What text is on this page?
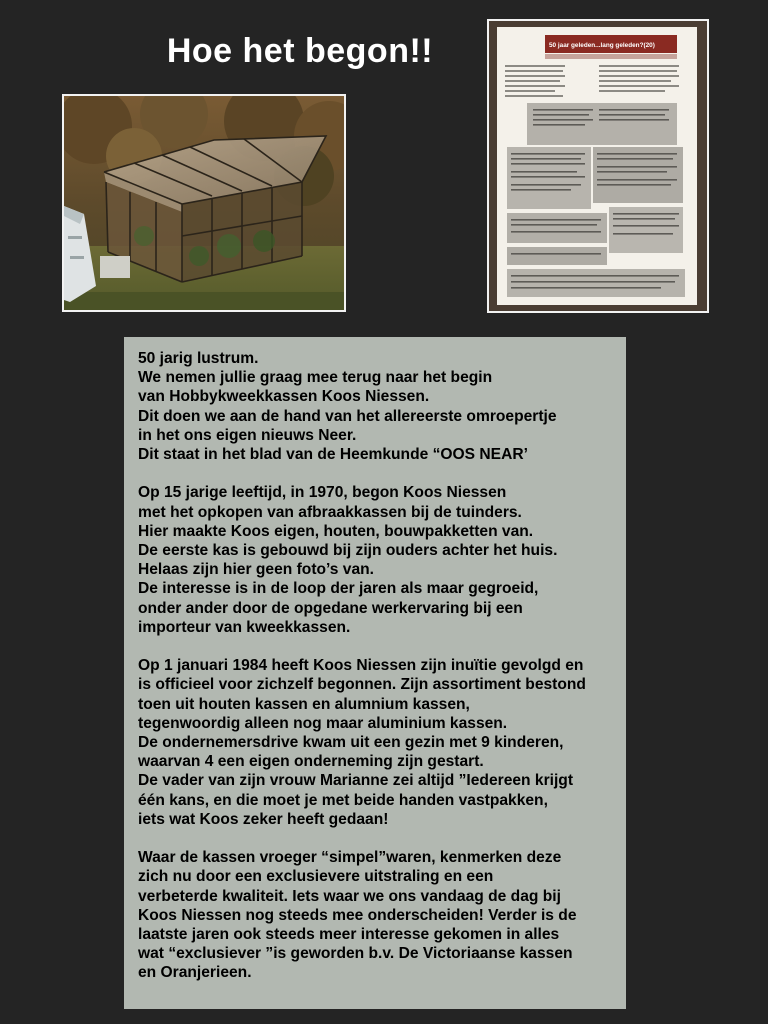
Hoe het begon!!	50 jaar geleden...lang geleden?(20)

50 jarig lustrum.
We nemen jullie graag mee terug naar het begin
van Hobbykweekkassen Koos Niessen.
Dit doen we aan de hand van het allereerste omroepertje
in het ons eigen nieuws Neer.
Dit staat in het blad van de Heemkunde “OOS NEAR’

Op 15 jarige leeftijd, in 1970, begon Koos Niessen
met het opkopen van afbraakkassen bij de tuinders.
Hier maakte Koos eigen, houten, bouwpakketten van.
De eerste kas is gebouwd bij zijn ouders achter het huis.
Helaas zijn hier geen foto’s van.
De interesse is in de loop der jaren als maar gegroeid,
onder ander door de opgedane werkervaring bij een
importeur van kweekkassen.

Op 1 januari 1984 heeft Koos Niessen zijn inuïtie gevolgd en
is officieel voor zichzelf begonnen. Zijn assortiment bestond
toen uit houten kassen en alumnium kassen,
tegenwoordig alleen nog maar aluminium kassen.
De ondernemersdrive kwam uit een gezin met 9 kinderen,
waarvan 4 een eigen onderneming zijn gestart.
De vader van zijn vrouw Marianne zei altijd ”Iedereen krijgt
één kans, en die moet je met beide handen vastpakken,
iets wat Koos zeker heeft gedaan!

Waar de kassen vroeger “simpel”waren, kenmerken deze
zich nu door een exclusievere uitstraling en een
verbeterde kwaliteit. Iets waar we ons vandaag de dag bij
Koos Niessen nog steeds mee onderscheiden! Verder is de
laatste jaren ook steeds meer interesse gekomen in alles
wat “exclusiever ”is geworden b.v. De Victoriaanse kassen
en Oranjerieen.
